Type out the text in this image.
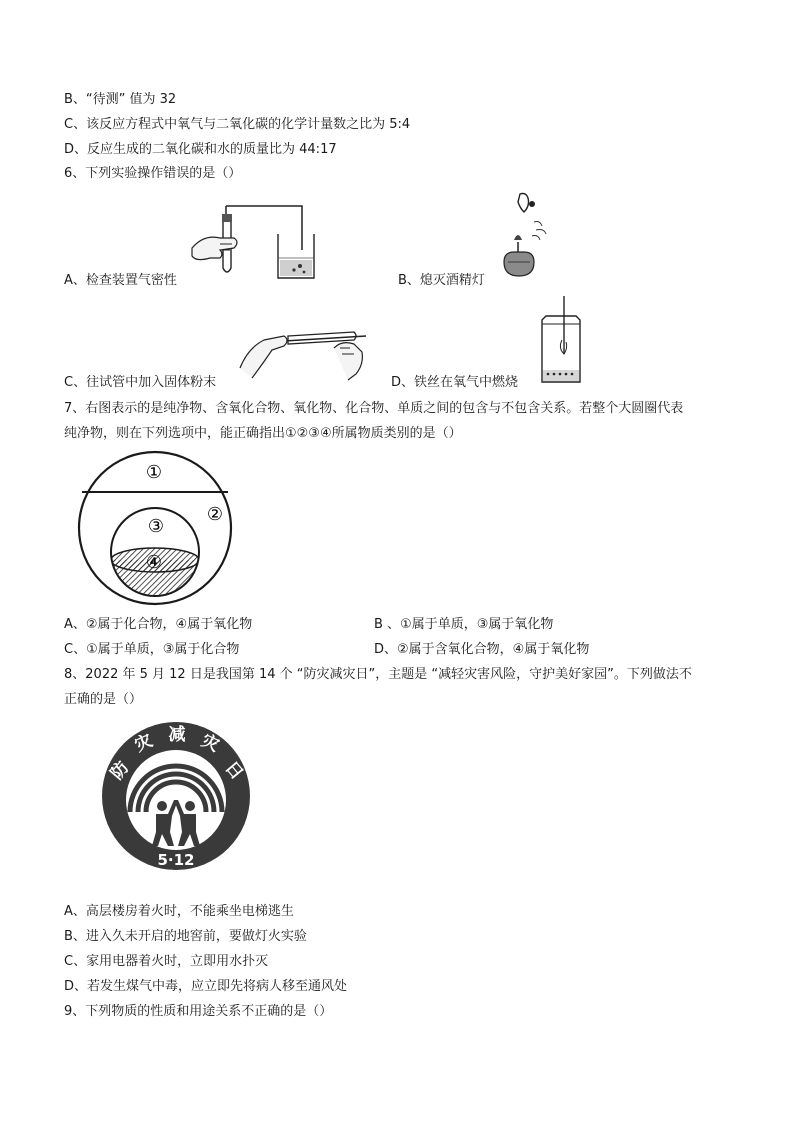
B、“待测” 值为 32
C、该反应方程式中氧气与二氧化碳的化学计量数之比为 5:4
D、反应生成的二氧化碳和水的质量比为 44:17
6、下列实验操作错误的是（）
A、检查装置气密性	B、熄灭酒精灯
C、往试管中加入固体粉末	D、铁丝在氧气中燃烧
7、右图表示的是纯净物、含氧化合物、氧化物、化合物、单质之间的包含与不包含关系。若整个大圆圈代表
纯净物，则在下列选项中，能正确指出①②③④所属物质类别的是（）
①
②
③
④
A、②属于化合物，④属于氧化物	B 、①属于单质，③属于氧化物
C、①属于单质，③属于化合物	D、②属于含氧化合物，④属于氧化物
8、2022 年 5 月 12 日是我国第 14 个 “防灾减灾日”，主题是 “减轻灾害风险，守护美好家园”。下列做法不
正确的是（）
防
灾 减 灾
日
5·12
A、高层楼房着火时，不能乘坐电梯逃生
B、进入久未开启的地窖前，要做灯火实验
C、家用电器着火时，立即用水扑灭
D、若发生煤气中毒，应立即先将病人移至通风处
9、下列物质的性质和用途关系不正确的是（）
